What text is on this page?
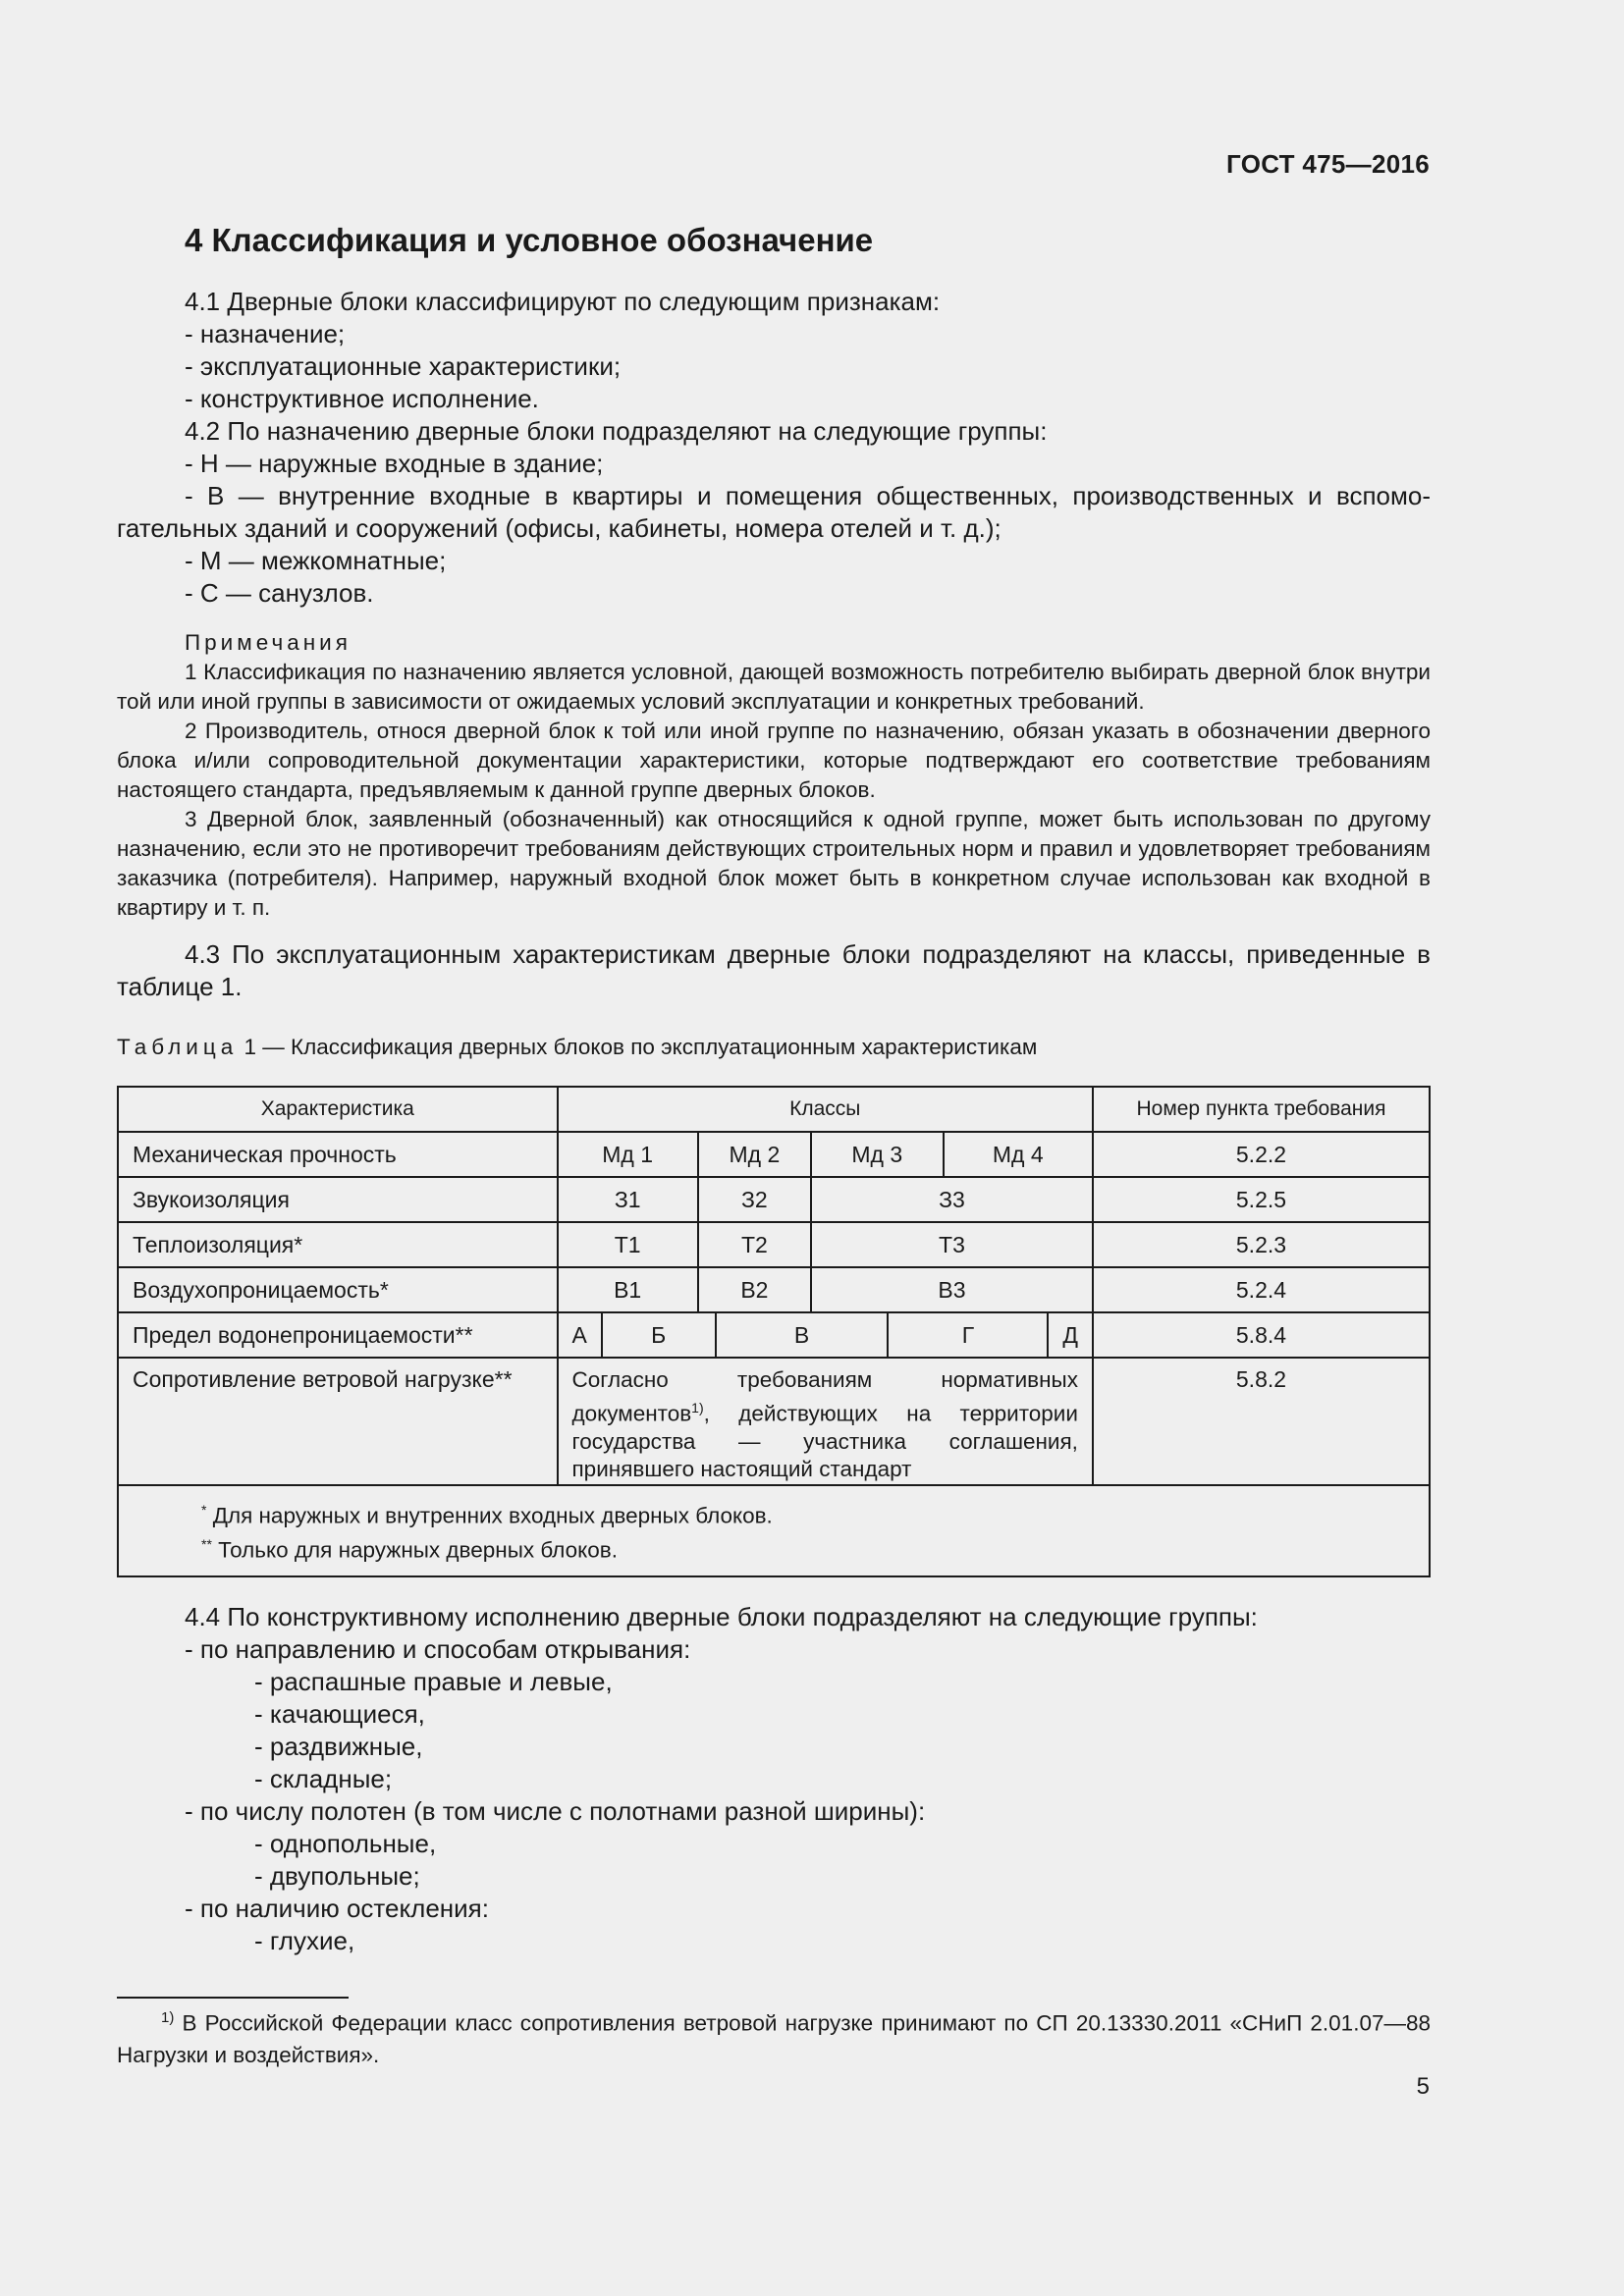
ГОСТ 475—2016
4 Классификация и условное обозначение

4.1 Дверные блоки классифицируют по следующим признакам:

- назначение;

- эксплуатационные характеристики;

- конструктивное исполнение.

4.2 По назначению дверные блоки подразделяют на следующие группы:

- Н — наружные входные в здание;

- В — внутренние входные в квартиры и помещения общественных, производственных и вспомо-

гательных зданий и сооружений (офисы, кабинеты, номера отелей и т. д.);

- М — межкомнатные;

- С — санузлов.

Примечания

1 Классификация по назначению является условной, дающей возможность потребителю выбирать дверной блок внутри той или иной группы в зависимости от ожидаемых условий эксплуатации и конкретных требований.

2 Производитель, относя дверной блок к той или иной группе по назначению, обязан указать в обозначении дверного блока и/или сопроводительной документации характеристики, которые подтверждают его соответствие требованиям настоящего стандарта, предъявляемым к данной группе дверных блоков.

3 Дверной блок, заявленный (обозначенный) как относящийся к одной группе, может быть использован по другому назначению, если это не противоречит требованиям действующих строительных норм и правил и удовлетворяет требованиям заказчика (потребителя). Например, наружный входной блок может быть в конкретном случае использован как входной в квартиру и т. п.

4.3 По эксплуатационным характеристикам дверные блоки подразделяют на классы, приведенные в таблице 1.

Таблица 1 — Классификация дверных блоков по эксплуатационным характеристикам
Характеристика	Классы								Номер пункта требования
Механическая прочность	Мд 1		Мд 2		Мд 3		Мд 4		5.2.2
Звукоизоляция	З1		З2		З3				5.2.5
Теплоизоляция*	Т1		Т2		Т3				5.2.3
Воздухопроницаемость*	В1		В2		В3				5.2.4
Предел водонепроницаемости**	А	Б		В		Г		Д	5.8.4
Сопротивление ветровой нагрузке**	Согласно требованиям нормативных документов$^{1)}$, действующих на территории государства — участника соглашения, принявшего настоящий стандарт								5.8.2

* Для наружных и внутренних входных дверных блоков.
** Только для наружных дверных блоков.									

4.4 По конструктивному исполнению дверные блоки подразделяют на следующие группы:

- по направлению и способам открывания:

- распашные правые и левые,

- качающиеся,

- раздвижные,

- складные;

- по числу полотен (в том числе с полотнами разной ширины):

- однопольные,

- двупольные;

- по наличию остекления:

- глухие,

$^{1)}$ В Российской Федерации класс сопротивления ветровой нагрузке принимают по СП 20.13330.2011 «СНиП 2.01.07—88 Нагрузки и воздействия».
5
